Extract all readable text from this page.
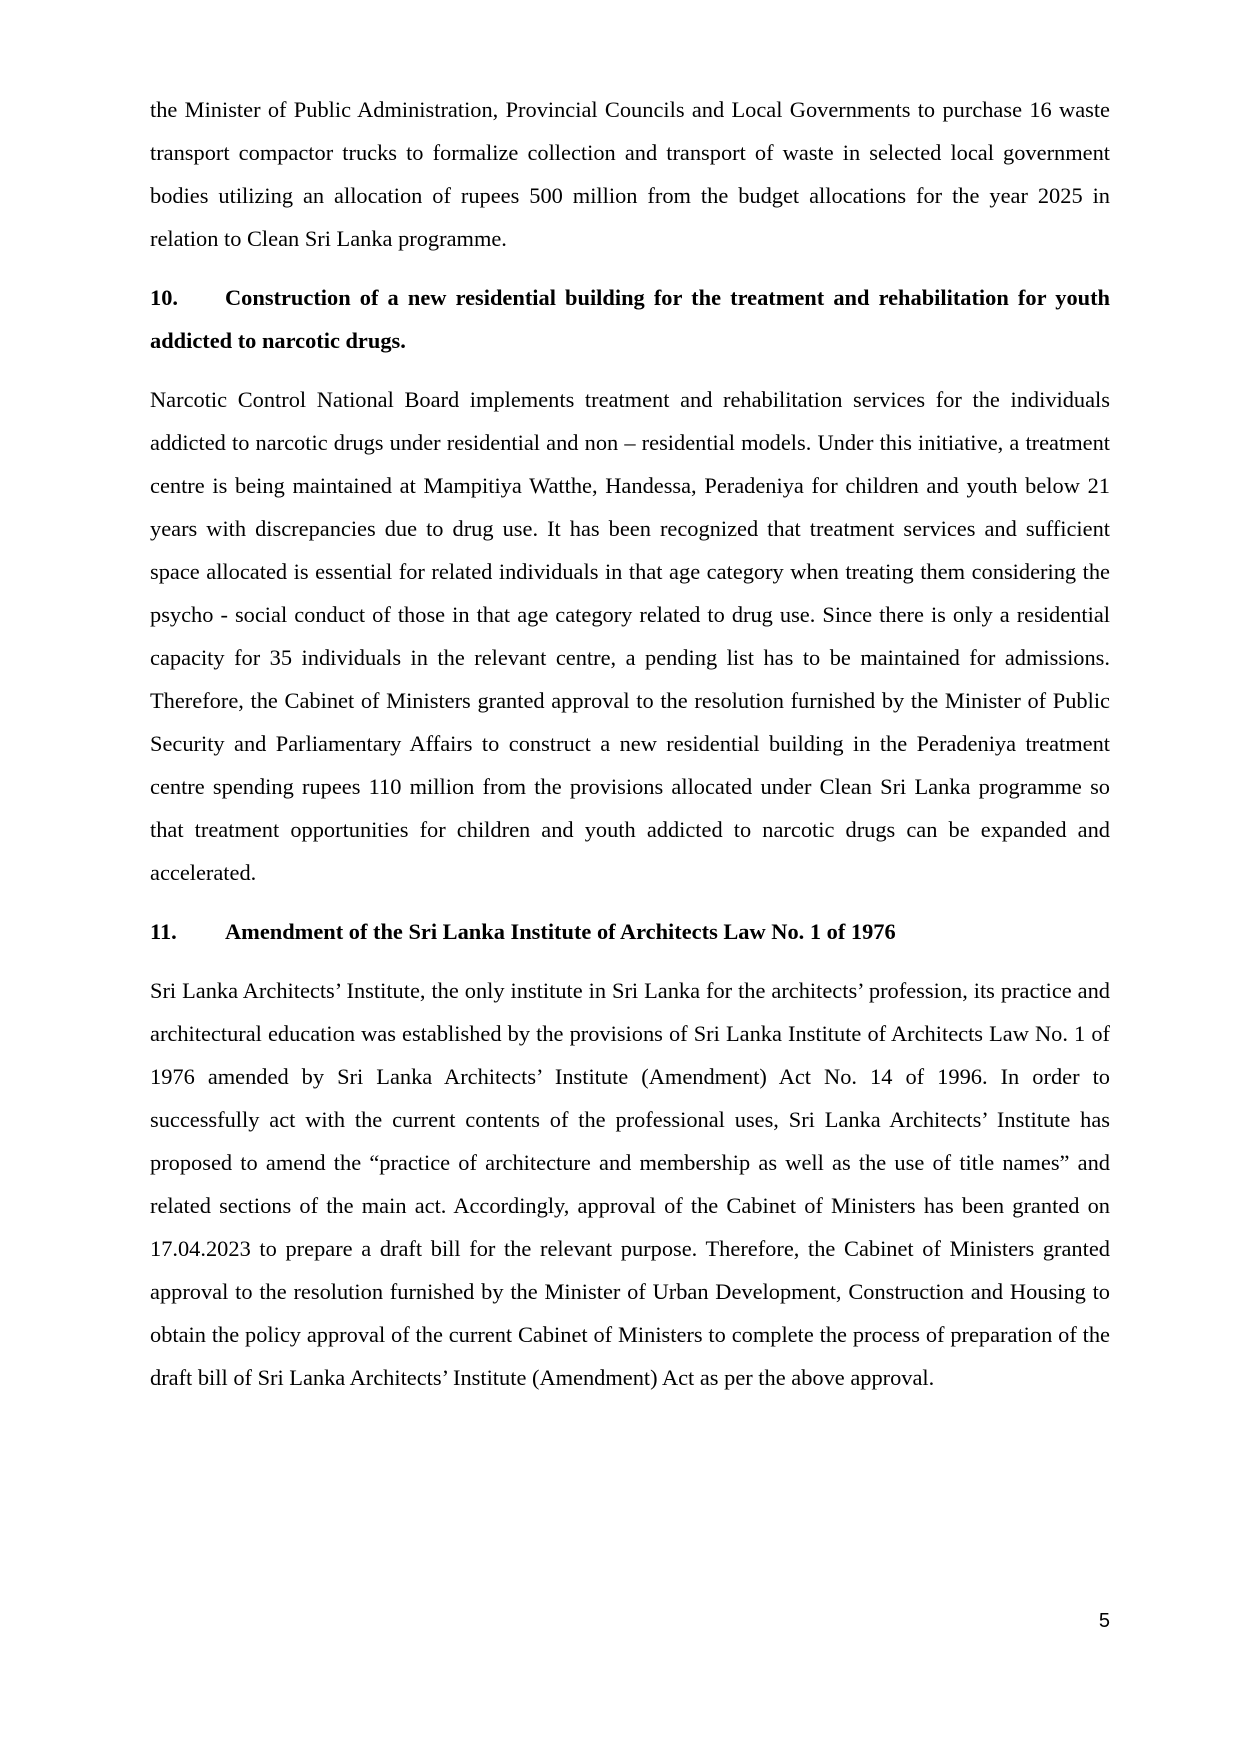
the Minister of Public Administration, Provincial Councils and Local Governments to purchase 16 waste transport compactor trucks to formalize collection and transport of waste in selected local government bodies utilizing an allocation of rupees 500 million from the budget allocations for the year 2025 in relation to Clean Sri Lanka programme.

10. Construction of a new residential building for the treatment and rehabilitation for youth addicted to narcotic drugs.

Narcotic Control National Board implements treatment and rehabilitation services for the individuals addicted to narcotic drugs under residential and non – residential models. Under this initiative, a treatment centre is being maintained at Mampitiya Watthe, Handessa, Peradeniya for children and youth below 21 years with discrepancies due to drug use. It has been recognized that treatment services and sufficient space allocated is essential for related individuals in that age category when treating them considering the psycho - social conduct of those in that age category related to drug use. Since there is only a residential capacity for 35 individuals in the relevant centre, a pending list has to be maintained for admissions. Therefore, the Cabinet of Ministers granted approval to the resolution furnished by the Minister of Public Security and Parliamentary Affairs to construct a new residential building in the Peradeniya treatment centre spending rupees 110 million from the provisions allocated under Clean Sri Lanka programme so that treatment opportunities for children and youth addicted to narcotic drugs can be expanded and accelerated.

11. Amendment of the Sri Lanka Institute of Architects Law No. 1 of 1976

Sri Lanka Architects’ Institute, the only institute in Sri Lanka for the architects’ profession, its practice and architectural education was established by the provisions of Sri Lanka Institute of Architects Law No. 1 of 1976 amended by Sri Lanka Architects’ Institute (Amendment) Act No. 14 of 1996. In order to successfully act with the current contents of the professional uses, Sri Lanka Architects’ Institute has proposed to amend the “practice of architecture and membership as well as the use of title names” and related sections of the main act. Accordingly, approval of the Cabinet of Ministers has been granted on 17.04.2023 to prepare a draft bill for the relevant purpose. Therefore, the Cabinet of Ministers granted approval to the resolution furnished by the Minister of Urban Development, Construction and Housing to obtain the policy approval of the current Cabinet of Ministers to complete the process of preparation of the draft bill of Sri Lanka Architects’ Institute (Amendment) Act as per the above approval.

5
